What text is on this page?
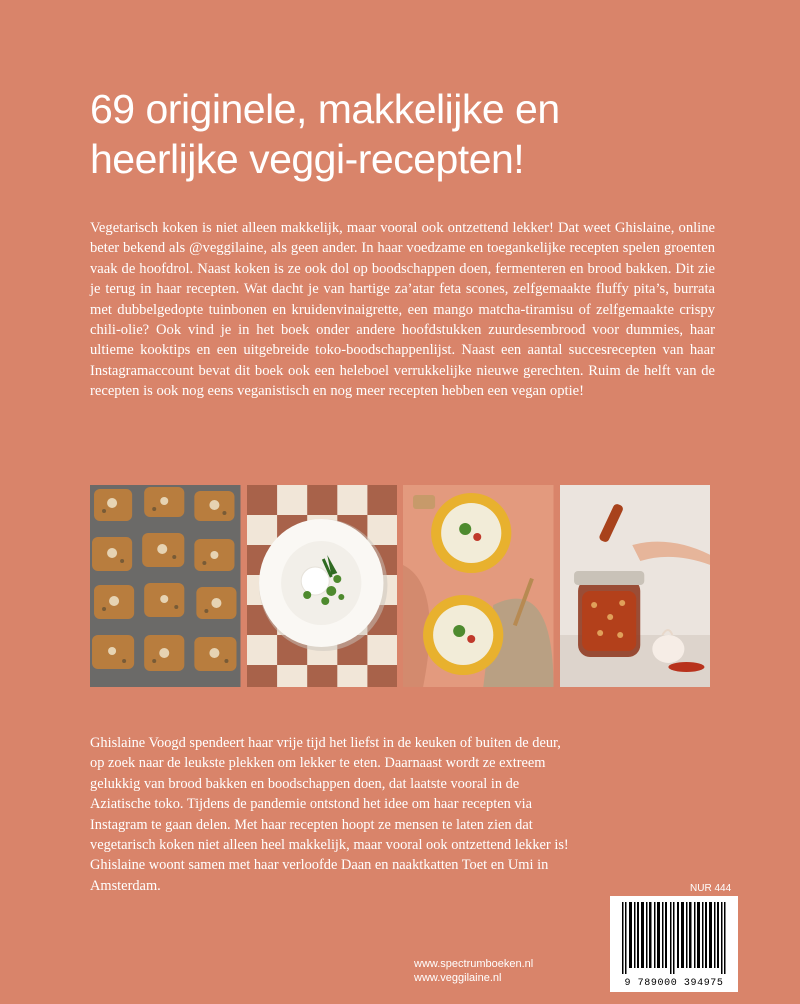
69 originele, makkelijke en
heerlijke veggi-recepten!

Vegetarisch koken is niet alleen makkelijk, maar vooral ook ontzettend lekker! Dat weet Ghislaine, online beter bekend als @veggilaine, als geen ander. In haar voedzame en toegankelijke recepten spelen groenten vaak de hoofdrol. Naast koken is ze ook dol op boodschappen doen, fermenteren en brood bakken. Dit zie je terug in haar recepten. Wat dacht je van hartige za’atar feta scones, zelfgemaakte fluffy pita’s, burrata met dubbelgedopte tuinbonen en kruidenvinaigrette, een mango matcha-tiramisu of zelfgemaakte crispy chili-olie? Ook vind je in het boek onder andere hoofdstukken zuurdesembrood voor dummies, haar ultieme kooktips en een uitgebreide toko-boodschappenlijst. Naast een aantal succesrecepten van haar Instagramaccount bevat dit boek ook een heleboel verrukkelijke nieuwe gerechten. Ruim de helft van de recepten is ook nog eens veganistisch en nog meer recepten hebben een vegan optie!

Ghislaine Voogd spendeert haar vrije tijd het liefst in de keuken of buiten de deur, op zoek naar de leukste plekken om lekker te eten. Daarnaast wordt ze extreem gelukkig van brood bakken en boodschappen doen, dat laatste vooral in de Aziatische toko. Tijdens de pandemie ontstond het idee om haar recepten via Instagram te gaan delen. Met haar recepten hoopt ze mensen te laten zien dat vegetarisch koken niet alleen heel makkelijk, maar vooral ook ontzettend lekker is! Ghislaine woont samen met haar verloofde Daan en naaktkatten Toet en Umi in Amsterdam.	NUR 444
9 789000 394975
www.spectrumboeken.nl
www.veggilaine.nl
